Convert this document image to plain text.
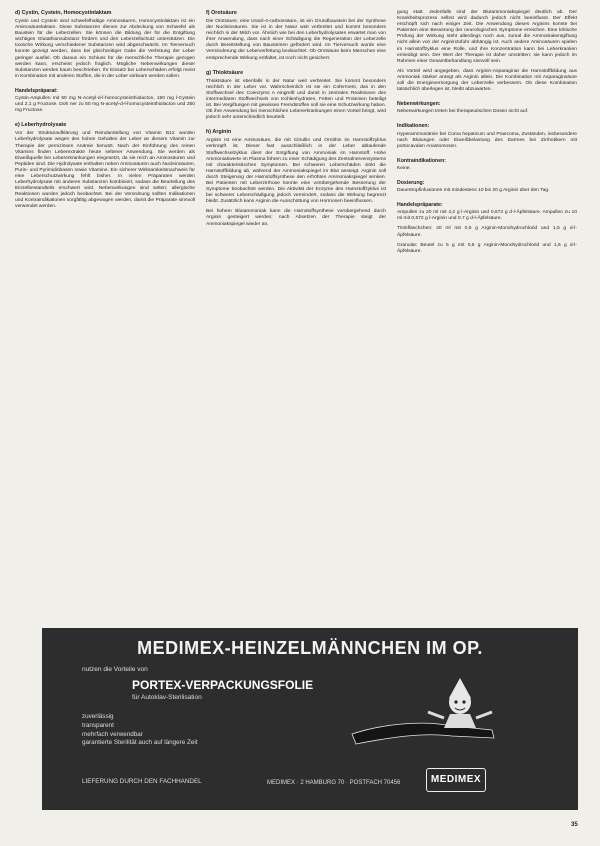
d) Cystin, Cystein, Homocystinlaktam

Cystin und Cystein sind schwefelhaltige Aminosäuren, Homocystinlaktam ist ein Aminosäurelaktam. Diese Substanzen dienen zur Abdeckung von Schwefel als Baustein für die Leberzellen. Sie können die Bildung der für die Entgiftung wichtigen Glutathionsubstanz fördern und den Leberzellschutz unterstützen. Die toxische Wirkung verschiedener Substanzen wird abgeschwächt. Im Tierversuch konnte gezeigt werden, dass bei gleichzeitiger Gabe die Verfettung der Leber geringer ausfiel. Ob daraus ein Schluss für die menschliche Therapie gezogen werden kann, erscheint jedoch fraglich. Mögliche Nebenwirkungen dieser Substanzen werden kaum beschrieben. Ihr Einsatz bei Leberschäden erfolgt meist in Kombination mit anderen Stoffen, die in der Leber wirksam werden sollen.

Handelspräparat:

Cystin-Ampullen mit 50 mg N-Acetyl-d-l-homocysteinthiolacton, 150 mg l-Cystein und 2,1 g Fructose. Doh ner zu 50 mg N-acetyl-d-l-homocysteinthiolacton und 250 mg Fructose.

e) Leberhydrolysate

Vor der Strukturaufklärung und Reindarstellung von Vitamin B12 wurden Leberhydrolysate wegen des hohen Gehaltes der Leber an diesem Vitamin zur Therapie der perniziösen Anämie benutzt. Nach der Einführung des reinen Vitamins finden Leberextrakte heute seltener Anwendung. Sie werden als Eiweißquelle bei Lebererkrankungen eingesetzt, da sie reich an Aminosäuren und Peptiden sind. Die Hydrolysate enthalten neben Aminosäuren auch Nucleinsäuren, Purin- und Pyrimidinbasen sowie Vitamine. Ein sicherer Wirksamkeitsnachweis für eine Leberschutzwirkung fehlt bisher. In vielen Präparaten werden Leberhydrolysate mit anderen Substanzen kombiniert, sodass die Beurteilung des Einzelbestandteils erschwert wird. Nebenwirkungen sind selten; allergische Reaktionen wurden jedoch beobachtet. Bei der Verordnung sollten Indikationen und Kontraindikationen sorgfältig abgewogen werden, damit die Präparate sinnvoll verwendet werden.

f) Orotsäure

Die Orotsäure, eine Uracil-4-carbonsäure, ist ein Grundbaustein bei der Synthese der Nucleinsäuren. Sie ist in der Natur weit verbreitet und kommt besonders reichlich in der Milch vor. Ähnlich wie bei den Leberhydrolysaten erwartet man von ihrer Anwendung, dass nach einer Schädigung die Regeneration der Leberzelle durch Bereitstellung von Bausteinen gefördert wird. Im Tierversuch wurde eine Verminderung der Leberverfettung beobachtet. Ob Orotsäure beim Menschen eine entsprechende Wirkung entfaltet, ist noch nicht gesichert.

g) Thioktsäure

Thioktsäure ist ebenfalls in der Natur weit verbreitet. Sie kommt besonders reichlich in der Leber vor. Wahrscheinlich ist sie ein Coferment, das in den Stoffwechsel des Coenzyms A eingreift und damit in zentralen Reaktionen des intermediären Stoffwechsels von Kohlenhydraten, Fetten und Proteinen beteiligt ist. Bei Vergiftungen mit gewissen Fremdstoffen soll sie eine Schutzwirkung haben. Ob ihre Anwendung bei menschlichen Lebererkrankungen einen Vorteil bringt, wird jedoch sehr unterschiedlich beurteilt.

h) Arginin

Arginin ist eine Aminosäure, die mit Citrullin und Ornithin im Harnstoffzyklus verknüpft ist. Dieser fast ausschließlich in der Leber ablaufende Stoffwechselzyklus dient der Entgiftung von Ammoniak im Harnstoff. Hohe Ammoniakwerte im Plasma führen zu einer Schädigung des Zentralnervensystems mit charakteristischen Symptomen. Bei schweren Leberschäden sinkt die Harnstoffbildung ab, während der Ammoniakspiegel im Blut ansteigt. Arginin soll durch Steigerung der Harnstoffsynthese den erhöhten Ammoniakspiegel senken. Bei Patienten mit Leberzirrhose konnte eine vorübergehende Besserung der Symptome beobachtet werden. Die Aktivität der Enzyme des Harnstoffzyklus ist bei schwerer Leberschädigung jedoch vermindert, sodass die Wirkung begrenzt bleibt. Zusätzlich kann Arginin die Ausschüttung von Hormonen beeinflussen.

Bei hohem Blutammoniak kann die Harnstoffsynthese vorübergehend durch Arginin gesteigert werden; nach Absetzen der Therapie steigt der Ammoniakspiegel wieder an.

gung statt. Jedenfalls sind der Blutammoniakspiegel deutlich ab. Der Krankheitsprozess selbst wird dadurch jedoch nicht beeinflusst. Der Effekt erschöpft sich nach einiger Zeit. Die Anwendung dieses Arginins konnte bei Patienten eine Besserung der neurologischen Symptome erreichen. Eine kritische Prüfung der Wirkung steht allerdings noch aus, zumal die Ammoniakentgiftung nicht allein von der Argininzufuhr abhängig ist. Auch andere Aminosäuren spielen im Harnstoffzyklus eine Rolle, und ihre Konzentration kann bei Leberkranken erniedrigt sein. Der Wert der Therapie ist daher umstritten; sie kann jedoch im Rahmen einer Gesamtbehandlung sinnvoll sein.

Als Vorteil wird angegeben, dass Arginin-Asparaginat die Harnstoffbildung aus Ammoniak stärker anregt als Arginin allein. Die Kombination mit Asparaginsäure soll die Energieversorgung der Leberzelle verbessern. Ob diese Kombination tatsächlich überlegen ist, bleibt abzuwarten.

Nebenwirkungen:

Nebenwirkungen treten bei therapeutischen Dosen nicht auf.

Indikationen:

Hyperammoniämie bei Coma hepaticum und Praecoma, Zuständen, insbesondere nach Blutungen oder Eiweißbelastung des Darmes bei Zirrhotikern mit portocavalen Anastomosen.

Kontraindikationen:

Keine.

Dosierung:

Dauertropfinfusionen mit mindestens 10 bis 20 g Arginin über den Tag.

Handelspräparate:

Ampullen zu 20 ml mit 4,2 g l-Arginin und 0,672 g d-l-Äpfelsäure. Ampullen zu 10 ml mit 0,672 g l-Arginin und 0,7 g d-l-Äpfelsäure.

Trinkfläschchen: 20 ml mit 0,5 g Arginin-Monohydrochlorid und 1,5 g d-l-Äpfelsäure.

Granulat: Beutel zu 5 g mit 0,5 g Arginin-Monohydrochlorid und 1,5 g d-l-Äpfelsäure.

MEDIMEX-HEINZELMÄNNCHEN IM OP.
nutzen die Vorteile von
PORTEX-VERPACKUNGSFOLIE
für Autoklav-Sterilisation
zuverlässig
transparent
mehrfach verwendbar
garantierte Sterilität auch auf längere Zeit
LIEFERUNG DURCH DEN FACHHANDEL	MEDIMEX · 2 HAMBURG 70 · POSTFACH 70456	MEDIMEX
35
